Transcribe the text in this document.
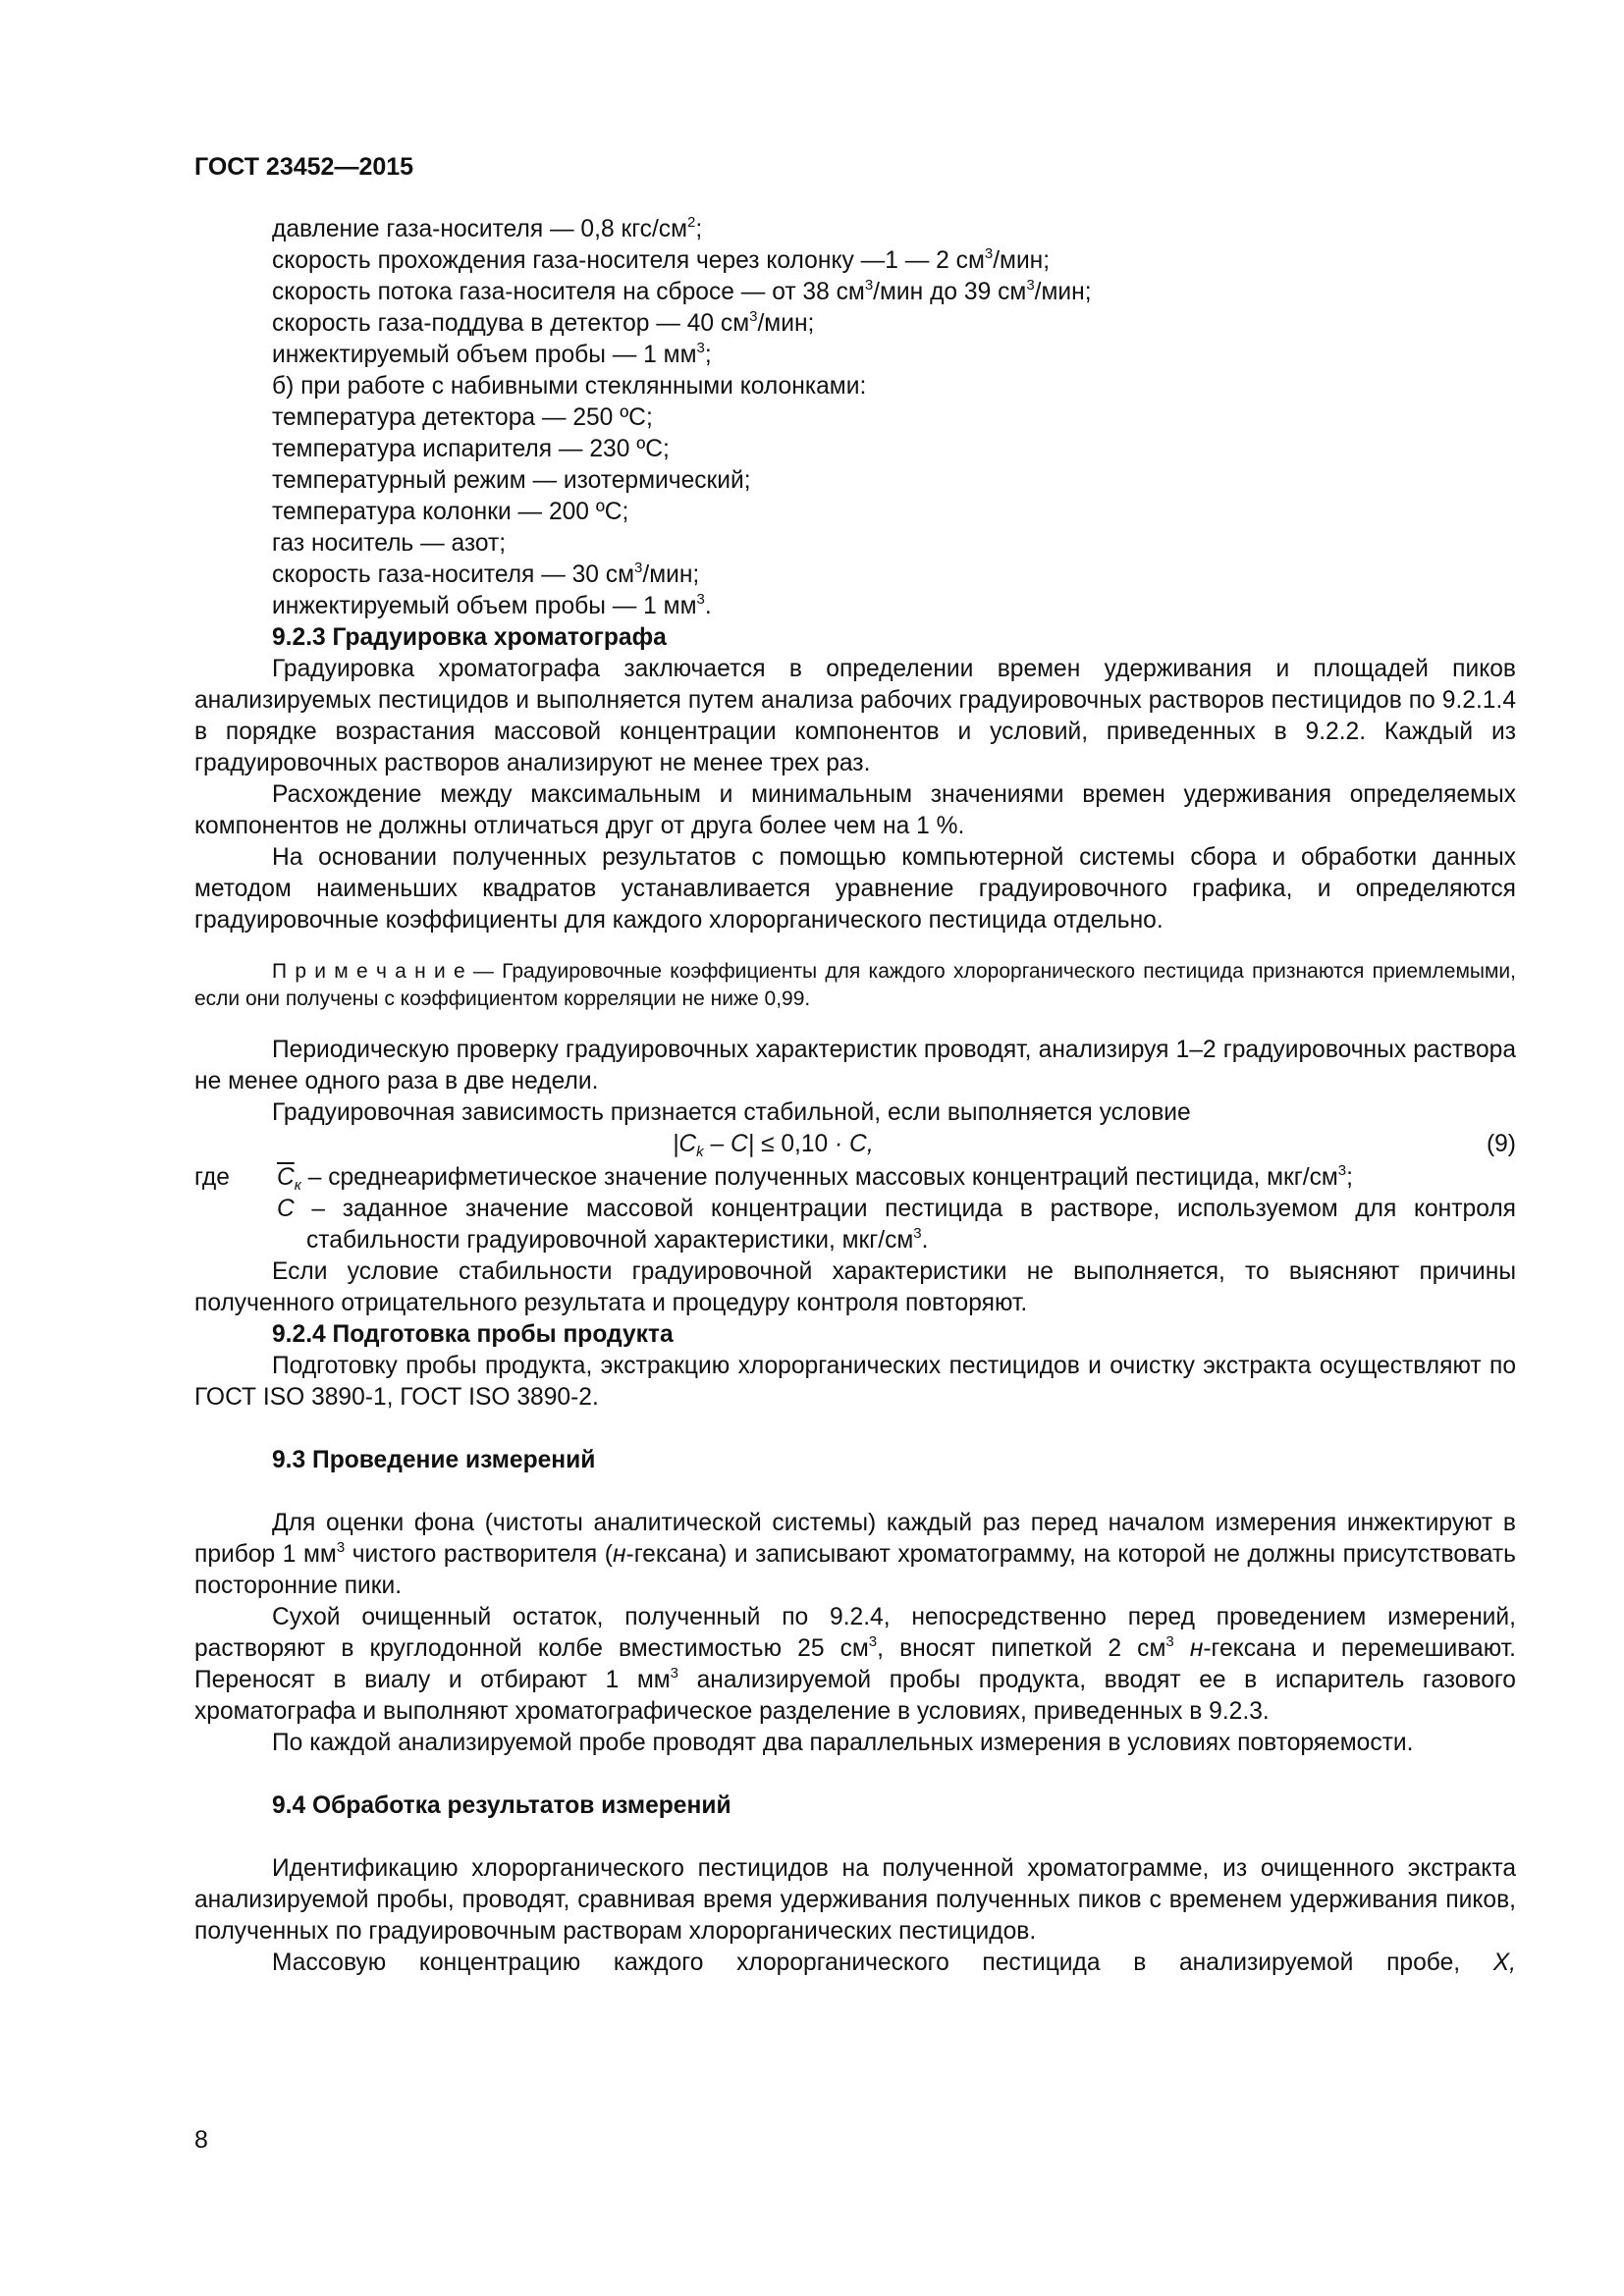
ГОСТ 23452—2015

давление газа-носителя — 0,8 кгс/$см^2$;

скорость прохождения газа-носителя через колонку —1 — 2 $см^3$/мин;

скорость потока газа-носителя на сбросе — от 38 $см^3$/мин до 39 $см^3$/мин;

скорость газа-поддува в детектор — 40 $см^3$/мин;

инжектируемый объем пробы — 1 $мм^3$;

б) при работе с набивными стеклянными колонками:

температура детектора — 250 ºС;

температура испарителя — 230 ºС;

температурный режим — изотермический;

температура колонки — 200 ºС;

газ носитель — азот;

скорость газа-носителя — 30 $см^3$/мин;

инжектируемый объем пробы — 1 $мм^3$.

9.2.3 Градуировка хроматографа

Градуировка хроматографа заключается в определении времен удерживания и площадей пиков анализируемых пестицидов и выполняется путем анализа рабочих градуировочных растворов пестицидов по 9.2.1.4 в порядке возрастания массовой концентрации компонентов и условий, приведенных в 9.2.2. Каждый из градуировочных растворов анализируют не менее трех раз.

Расхождение между максимальным и минимальным значениями времен удерживания определяемых компонентов не должны отличаться друг от друга более чем на 1 %.

На основании полученных результатов с помощью компьютерной системы сбора и обработки данных методом наименьших квадратов устанавливается уравнение градуировочного графика, и определяются градуировочные коэффициенты для каждого хлорорганического пестицида отдельно.

П р и м е ч а н и е — Градуировочные коэффициенты для каждого хлорорганического пестицида признаются приемлемыми, если они получены с коэффициентом корреляции не ниже 0,99.

Периодическую проверку градуировочных характеристик проводят, анализируя 1–2 градуировочных раствора не менее одного раза в две недели.

Градуировочная зависимость признается стабильной, если выполняется условие

$|C_k - C| \le 0,10 \cdot C$,	(9)
где	$\overline{C}_к$ – среднеарифметическое значение полученных массовых концентраций пестицида, мкг/$см^3$;

С – заданное значение массовой концентрации пестицида в растворе, используемом для контроля стабильности градуировочной характеристики, мкг/$см^3$.

Если условие стабильности градуировочной характеристики не выполняется, то выясняют причины полученного отрицательного результата и процедуру контроля повторяют.

9.2.4 Подготовка пробы продукта

Подготовку пробы продукта, экстракцию хлорорганических пестицидов и очистку экстракта осуществляют по ГОСТ ISO 3890-1, ГОСТ ISO 3890-2.

9.3 Проведение измерений

Для оценки фона (чистоты аналитической системы) каждый раз перед началом измерения инжектируют в прибор 1 $мм^3$ чистого растворителя (н-гексана) и записывают хроматограмму, на которой не должны присутствовать посторонние пики.

Сухой очищенный остаток, полученный по 9.2.4, непосредственно перед проведением измерений, растворяют в круглодонной колбе вместимостью 25 $см^3$, вносят пипеткой 2 $см^3$ н-гексана и перемешивают. Переносят в виалу и отбирают 1 $мм^3$ анализируемой пробы продукта, вводят ее в испаритель газового хроматографа и выполняют хроматографическое разделение в условиях, приведенных в 9.2.3.

По каждой анализируемой пробе проводят два параллельных измерения в условиях повторяемости.

9.4 Обработка результатов измерений

Идентификацию хлорорганического пестицидов на полученной хроматограмме, из очищенного экстракта анализируемой пробы, проводят, сравнивая время удерживания полученных пиков с временем удерживания пиков, полученных по градуировочным растворам хлорорганических пестицидов.

Массовую концентрацию каждого хлорорганического пестицида в анализируемой пробе, X,

8
